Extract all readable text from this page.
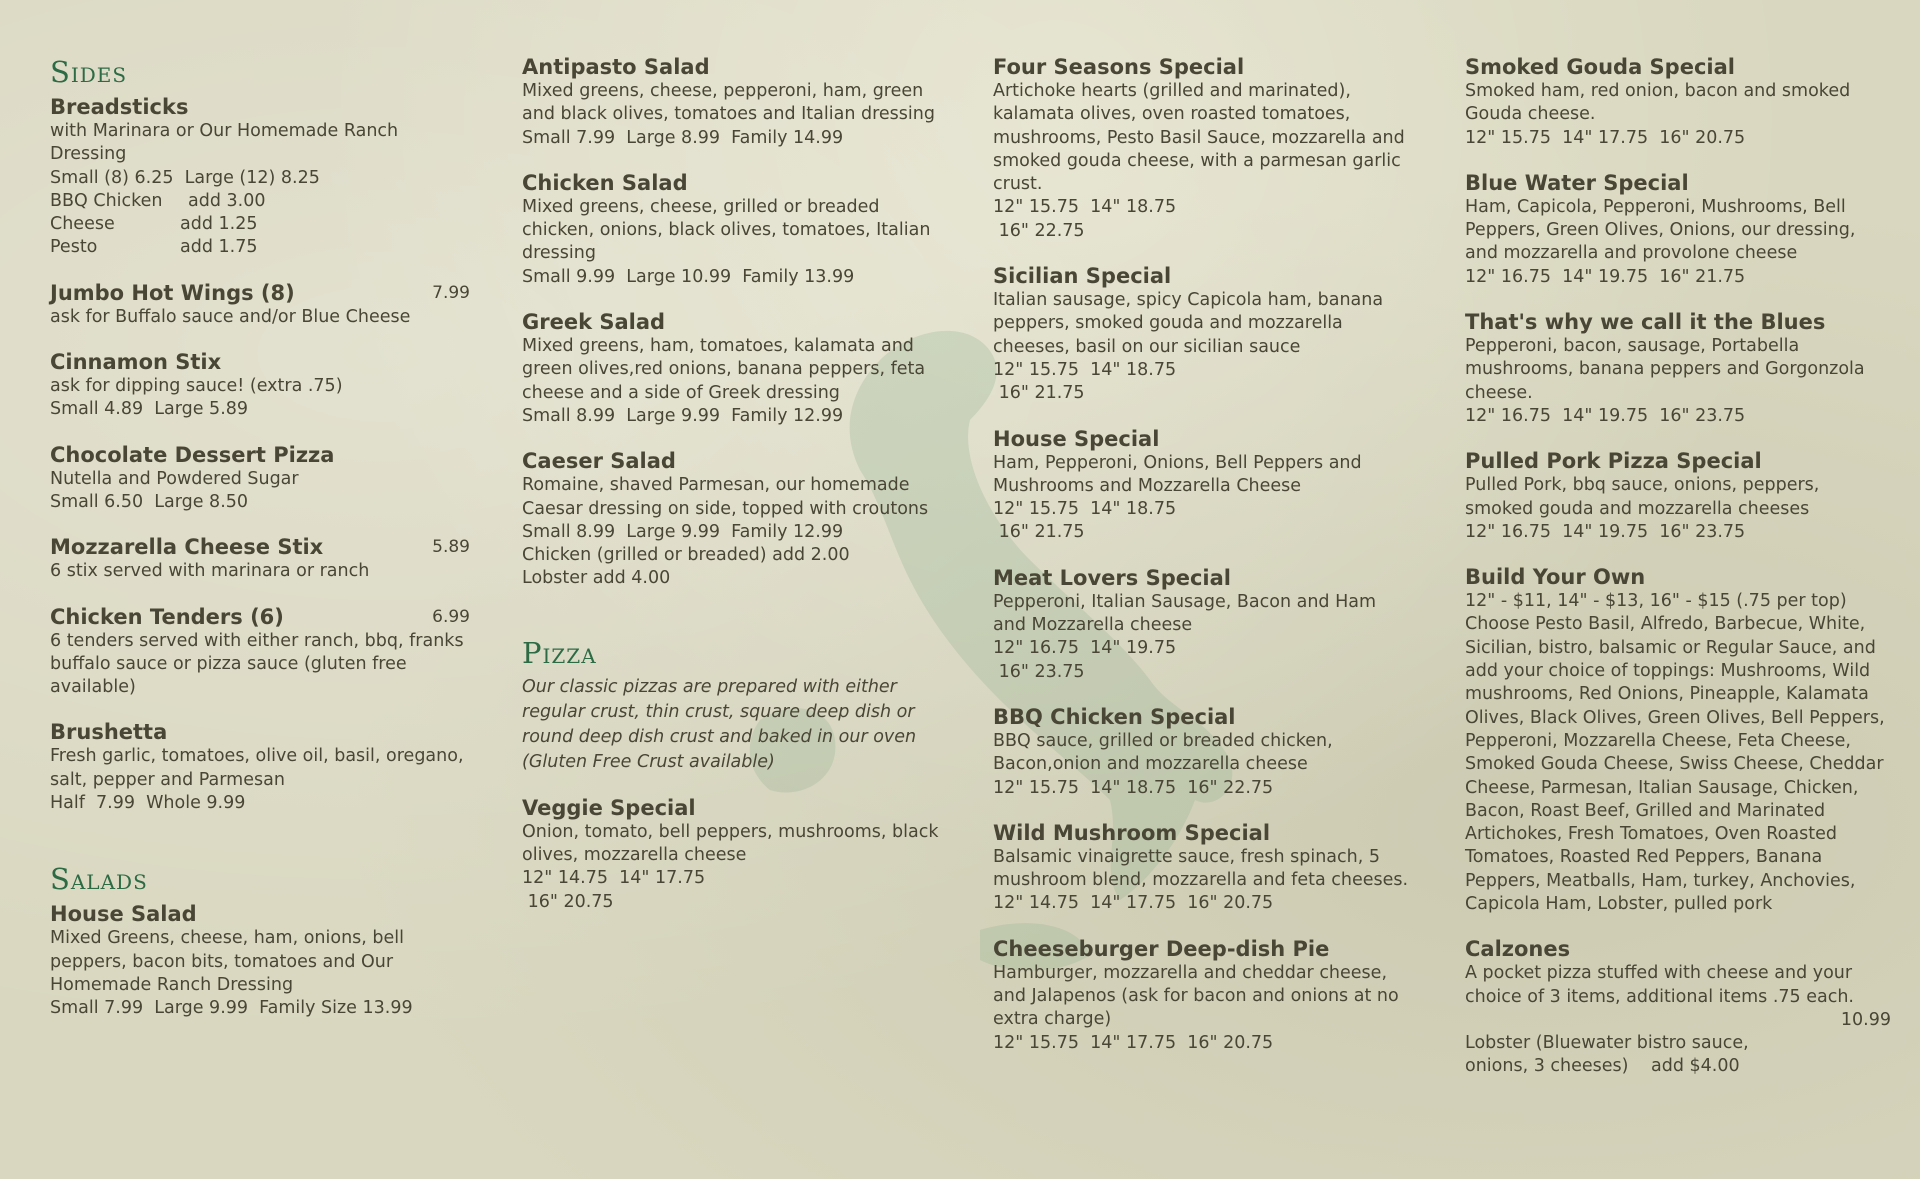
Sides
Breadsticks
with Marinara or Our Homemade Ranch Dressing
Small (8) 6.25  Large (12) 8.25
BBQ Chicken	add 3.00
Cheese	add 1.25
Pesto	add 1.75
Jumbo Hot Wings (8)	7.99
ask for Buffalo sauce and/or Blue Cheese
Cinnamon Stix
ask for dipping sauce! (extra .75)
Small 4.89  Large 5.89
Chocolate Dessert Pizza
Nutella and Powdered Sugar
Small 6.50  Large 8.50
Mozzarella Cheese Stix	5.89
6 stix served with marinara or ranch
Chicken Tenders (6)	6.99
6 tenders served with either ranch, bbq, franks buffalo sauce or pizza sauce (gluten free available)
Brushetta
Fresh garlic, tomatoes, olive oil, basil, oregano, salt, pepper and Parmesan
Half  7.99  Whole 9.99
Salads
House Salad
Mixed Greens, cheese, ham, onions, bell peppers, bacon bits, tomatoes and Our Homemade Ranch Dressing
Small 7.99  Large 9.99  Family Size 13.99
Antipasto Salad
Mixed greens, cheese, pepperoni, ham, green and black olives, tomatoes and Italian dressing
Small 7.99  Large 8.99  Family 14.99
Chicken Salad
Mixed greens, cheese, grilled or breaded chicken, onions, black olives, tomatoes, Italian dressing
Small 9.99  Large 10.99  Family 13.99
Greek Salad
Mixed greens, ham, tomatoes, kalamata and green olives,red onions, banana peppers, feta cheese and a side of Greek dressing
Small 8.99  Large 9.99  Family 12.99
Caeser Salad
Romaine, shaved Parmesan, our homemade Caesar dressing on side, topped with croutons
Small 8.99  Large 9.99  Family 12.99
Chicken (grilled or breaded) add 2.00
Lobster add 4.00
Pizza
Our classic pizzas are prepared with either regular crust, thin crust, square deep dish or round deep dish crust and baked in our oven (Gluten Free Crust available)
Veggie Special
Onion, tomato, bell peppers, mushrooms, black olives, mozzarella cheese
12" 14.75  14" 17.75
16" 20.75
Four Seasons Special
Artichoke hearts (grilled and marinated), kalamata olives, oven roasted tomatoes, mushrooms, Pesto Basil Sauce, mozzarella and smoked gouda cheese, with a parmesan garlic crust.
12" 15.75  14" 18.75
16" 22.75
Sicilian Special
Italian sausage, spicy Capicola ham, banana peppers, smoked gouda and mozzarella cheeses, basil on our sicilian sauce
12" 15.75  14" 18.75
16" 21.75
House Special
Ham, Pepperoni, Onions, Bell Peppers and Mushrooms and Mozzarella Cheese
12" 15.75  14" 18.75
16" 21.75
Meat Lovers Special
Pepperoni, Italian Sausage, Bacon and Ham and Mozzarella cheese
12" 16.75  14" 19.75
16" 23.75
BBQ Chicken Special
BBQ sauce, grilled or breaded chicken, Bacon,onion and mozzarella cheese
12" 15.75  14" 18.75  16" 22.75
Wild Mushroom Special
Balsamic vinaigrette sauce, fresh spinach, 5 mushroom blend, mozzarella and feta cheeses.
12" 14.75  14" 17.75  16" 20.75
Cheeseburger Deep-dish Pie
Hamburger, mozzarella and cheddar cheese, and Jalapenos (ask for bacon and onions at no extra charge)
12" 15.75  14" 17.75  16" 20.75
Smoked Gouda Special
Smoked ham, red onion, bacon and smoked Gouda cheese.
12" 15.75  14" 17.75  16" 20.75
Blue Water Special
Ham, Capicola, Pepperoni, Mushrooms, Bell Peppers, Green Olives, Onions, our dressing, and mozzarella and provolone cheese
12" 16.75  14" 19.75  16" 21.75
That's why we call it the Blues
Pepperoni, bacon, sausage, Portabella mushrooms, banana peppers and Gorgonzola cheese.
12" 16.75  14" 19.75  16" 23.75
Pulled Pork Pizza Special
Pulled Pork, bbq sauce, onions, peppers, smoked gouda and mozzarella cheeses
12" 16.75  14" 19.75  16" 23.75
Build Your Own
12" - $11, 14" - $13, 16" - $15 (.75 per top) Choose Pesto Basil, Alfredo, Barbecue, White, Sicilian, bistro, balsamic or Regular Sauce, and add your choice of toppings: Mushrooms, Wild mushrooms, Red Onions, Pineapple, Kalamata Olives, Black Olives, Green Olives, Bell Peppers, Pepperoni, Mozzarella Cheese, Feta Cheese, Smoked Gouda Cheese, Swiss Cheese, Cheddar Cheese, Parmesan, Italian Sausage, Chicken, Bacon, Roast Beef, Grilled and Marinated Artichokes, Fresh Tomatoes, Oven Roasted Tomatoes, Roasted Red Peppers, Banana Peppers, Meatballs, Ham, turkey, Anchovies, Capicola Ham, Lobster, pulled pork
Calzones
A pocket pizza stuffed with cheese and your choice of 3 items, additional items .75 each.
10.99
Lobster (Bluewater bistro sauce, onions, 3 cheeses)	add $4.00
